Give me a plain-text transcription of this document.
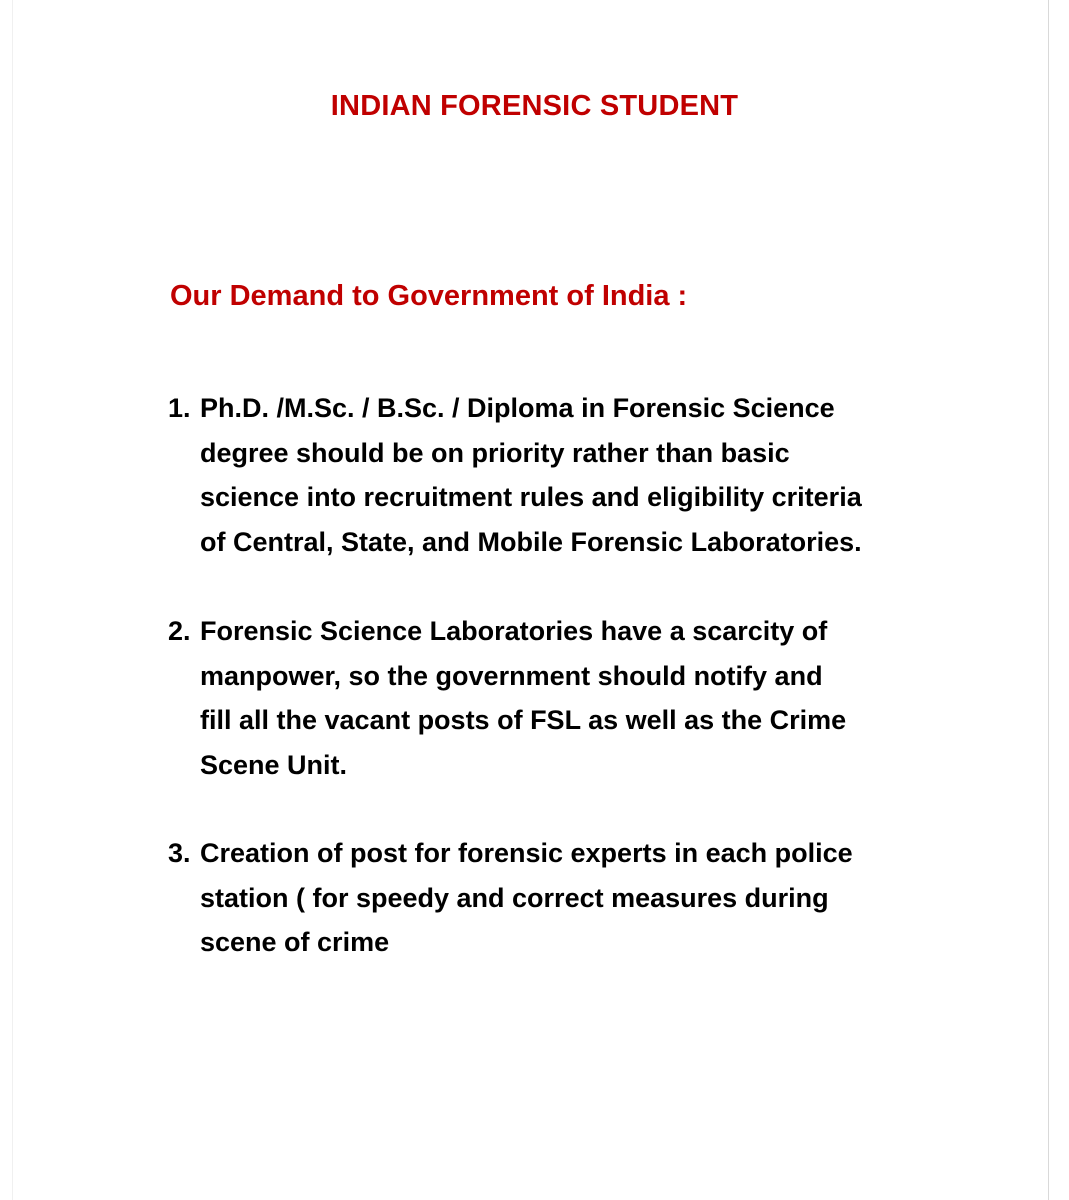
INDIAN FORENSIC STUDENT
Our Demand to Government of India :
1. Ph.D. /M.Sc. / B.Sc. / Diploma in Forensic Science
degree should be on priority rather than basic
science into recruitment rules and eligibility criteria
of Central, State, and Mobile Forensic Laboratories.
2. Forensic Science Laboratories have a scarcity of
manpower, so the government should notify and
fill all the vacant posts of FSL as well as the Crime
Scene Unit.
3. Creation of post for forensic experts in each police
station ( for speedy and correct measures during
scene of crime
